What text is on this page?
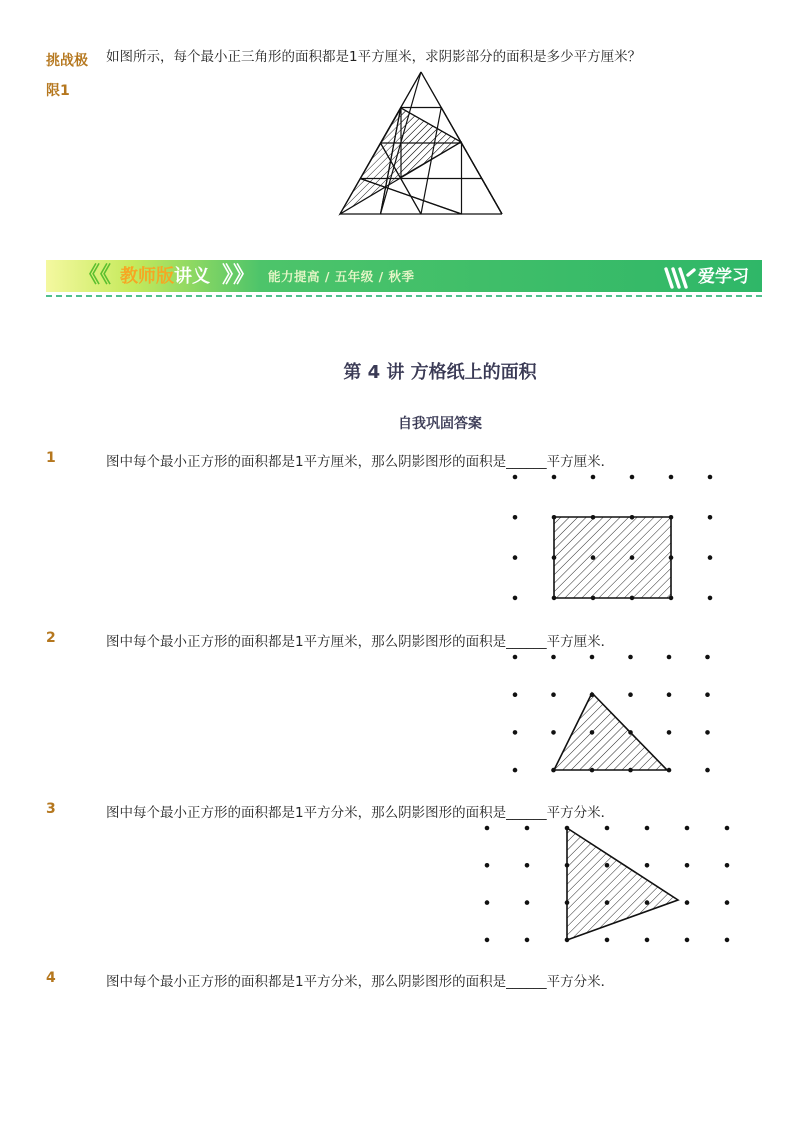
挑战极限1
如图所示，每个最小正三角形的面积都是1平方厘米，求阴影部分的面积是多少平方厘米？
《《	》》
教师版讲义	能力提高 / 五年级 / 秋季	爱学习
第 4 讲 方格纸上的面积
自我巩固答案
1	图中每个最小正方形的面积都是1平方厘米，那么阴影图形的面积是______平方厘米．
2	图中每个最小正方形的面积都是1平方厘米，那么阴影图形的面积是______平方厘米．
3	图中每个最小正方形的面积都是1平方分米，那么阴影图形的面积是______平方分米．
4	图中每个最小正方形的面积都是1平方分米，那么阴影图形的面积是______平方分米．
